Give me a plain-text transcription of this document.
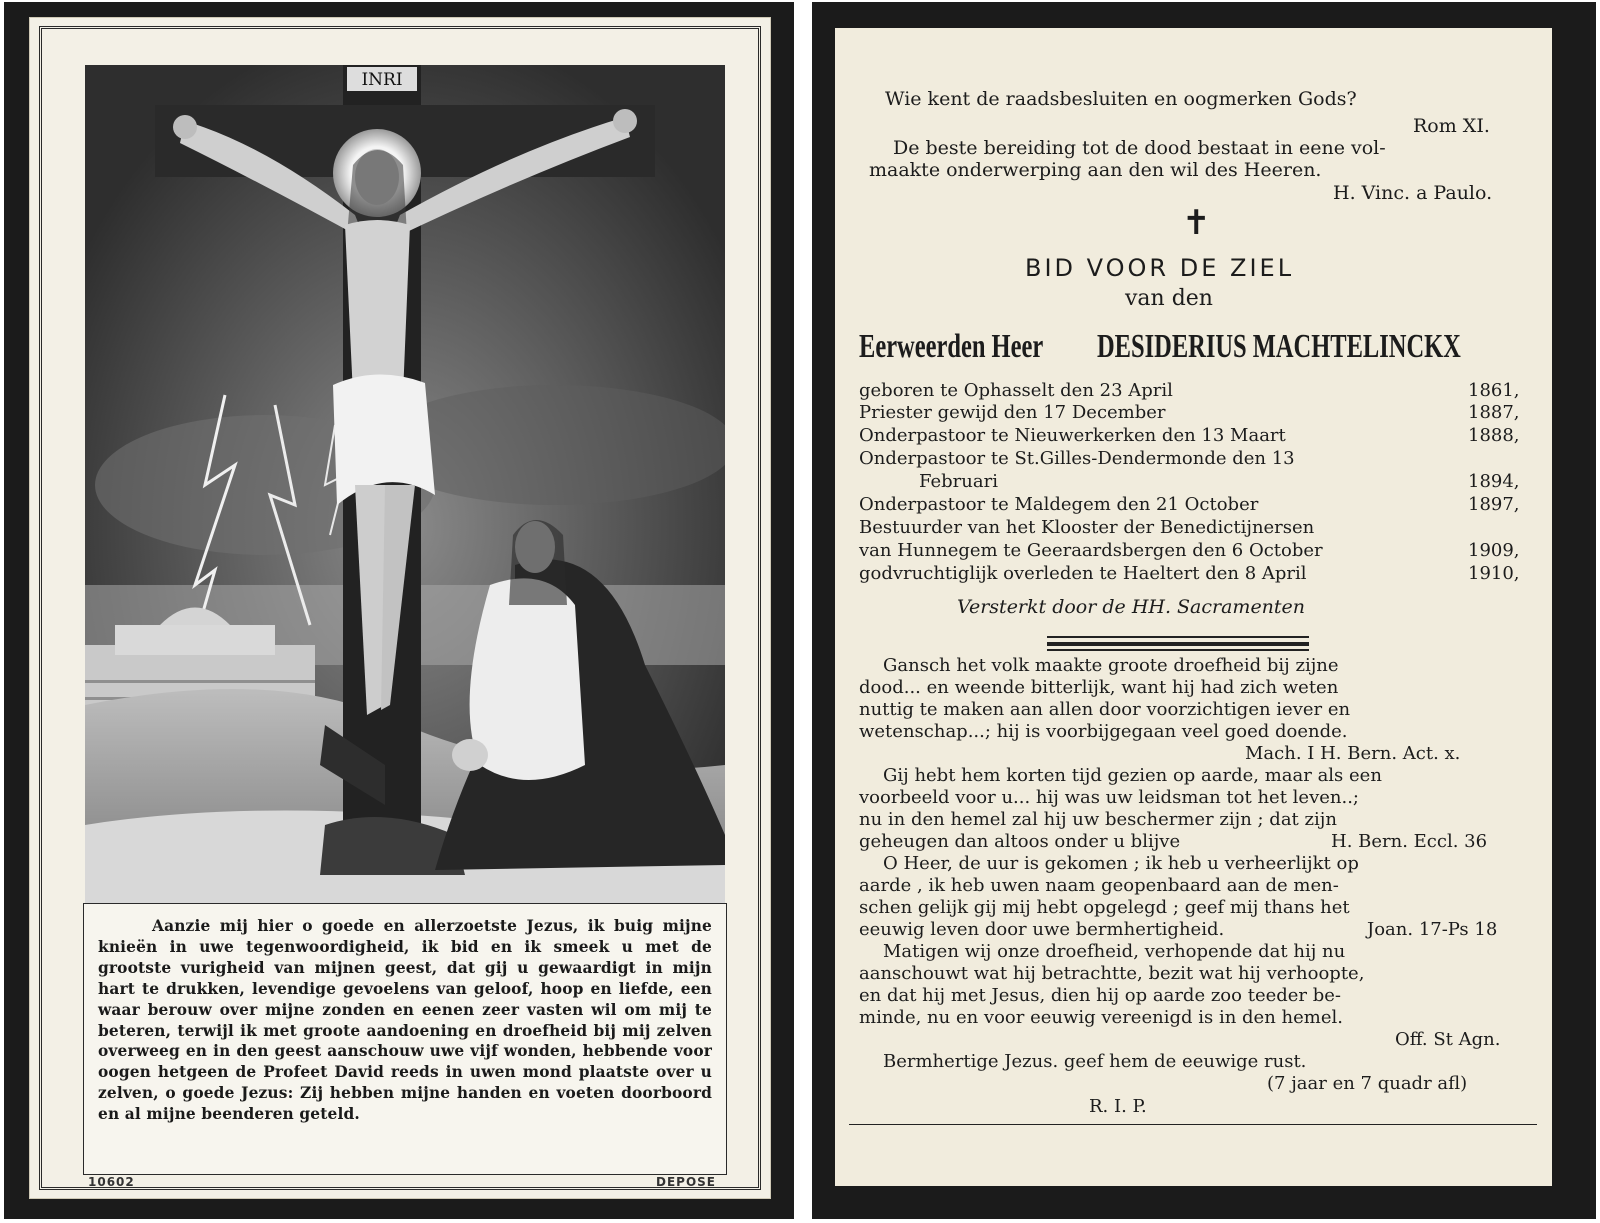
INRI

Aanzie mij hier o goede en allerzoetste Jezus, ik buig mijne knieën in uwe tegenwoordigheid, ik bid en ik smeek u met de grootste vurigheid van mijnen geest, dat gij u gewaardigt in mijn hart te drukken, levendige gevoelens van geloof, hoop en liefde, een waar berouw over mijne zonden en eenen zeer vasten wil om mij te beteren, terwijl ik met groote aandoening en droefheid bij mij zelven overweeg en in den geest aanschouw uwe vijf wonden, hebbende voor oogen hetgeen de Profeet David reeds in uwen mond plaatste over u zelven, o goede Jezus: Zij hebben mijne handen en voeten doorboord en al mijne beenderen geteld.

10602	DEPOSE
Wie kent de raadsbesluiten en oogmerken Gods?
Rom XI.
De beste bereiding tot de dood bestaat in eene vol-
maakte onderwerping aan den wil des Heeren.
H. Vinc. a Paulo.
✝
BID VOOR DE ZIEL
van den
Eerweerden Heer DESIDERIUS MACHTELINCKX
geboren te Ophasselt den 23 April	1861,
Priester gewijd den 17 December	1887,
Onderpastoor te Nieuwerkerken den 13 Maart	1888,
Onderpastoor te St.Gilles-Dendermonde den 13
Februari	1894,
Onderpastoor te Maldegem den 21 October	1897,
Bestuurder van het Klooster der Benedictijnersen
van Hunnegem te Geeraardsbergen den 6 October	1909,
godvruchtiglijk overleden te Haeltert den 8 April	1910,
Versterkt door de HH. Sacramenten
Gansch het volk maakte groote droefheid bij zijne
dood... en weende bitterlijk, want hij had zich weten
nuttig te maken aan allen door voorzichtigen iever en
wetenschap...; hij is voorbijgegaan veel goed doende.
Mach. I H. Bern. Act. x.
Gij hebt hem korten tijd gezien op aarde, maar als een
voorbeeld voor u... hij was uw leidsman tot het leven..;
nu in den hemel zal hij uw beschermer zijn ; dat zijn
geheugen dan altoos onder u blijve	H. Bern. Eccl. 36
O Heer, de uur is gekomen ; ik heb u verheerlijkt op
aarde , ik heb uwen naam geopenbaard aan de men-
schen gelijk gij mij hebt opgelegd ; geef mij thans het
eeuwig leven door uwe bermhertigheid.	Joan. 17-Ps 18
Matigen wij onze droefheid, verhopende dat hij nu
aanschouwt wat hij betrachtte, bezit wat hij verhoopte,
en dat hij met Jesus, dien hij op aarde zoo teeder be-
minde, nu en voor eeuwig vereenigd is in den hemel.
Off. St Agn.
Bermhertige Jezus. geef hem de eeuwige rust.
(7 jaar en 7 quadr afl)
R. I. P.
